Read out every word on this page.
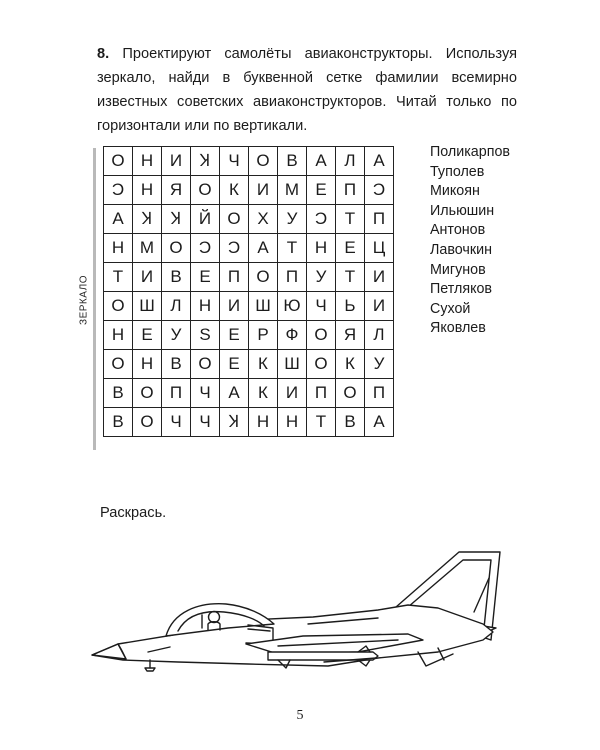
8. Проектируют самолёты авиаконструкторы. Используя зеркало, найди в буквенной сетке фамилии всемирно известных советских авиаконструкторов. Читай только по горизонтали или по вертикали.

ЗЕРКАЛО
О	Н	И	Ʞ	Ч	О	В	А	Л	А
Ɔ	Н	Я	О	К	И	М	Е	П	Ɔ
А	Ʞ	Ʞ	Й	О	Х	У	Ɔ	Т	П
Н	М	О	Ɔ	Ɔ	А	Т	Н	Е	Ц
Т	И	В	Е	П	О	П	У	Т	И
О	Ш	Л	Н	И	Ш	Ю	Ч	Ь	И
Н	Е	У	Ѕ	Е	Р	Ф	О	Я	Л
О	Н	В	О	Е	К	Ш	О	К	У
В	О	П	Ч	А	К	И	П	О	П
В	О	Ч	Ч	Ʞ	Н	Н	Т	В	А
Поликарпов
Туполев
Микоян
Ильюшин
Антонов
Лавочкин
Мигунов
Петляков
Сухой
Яковлев
Раскрась.
5
